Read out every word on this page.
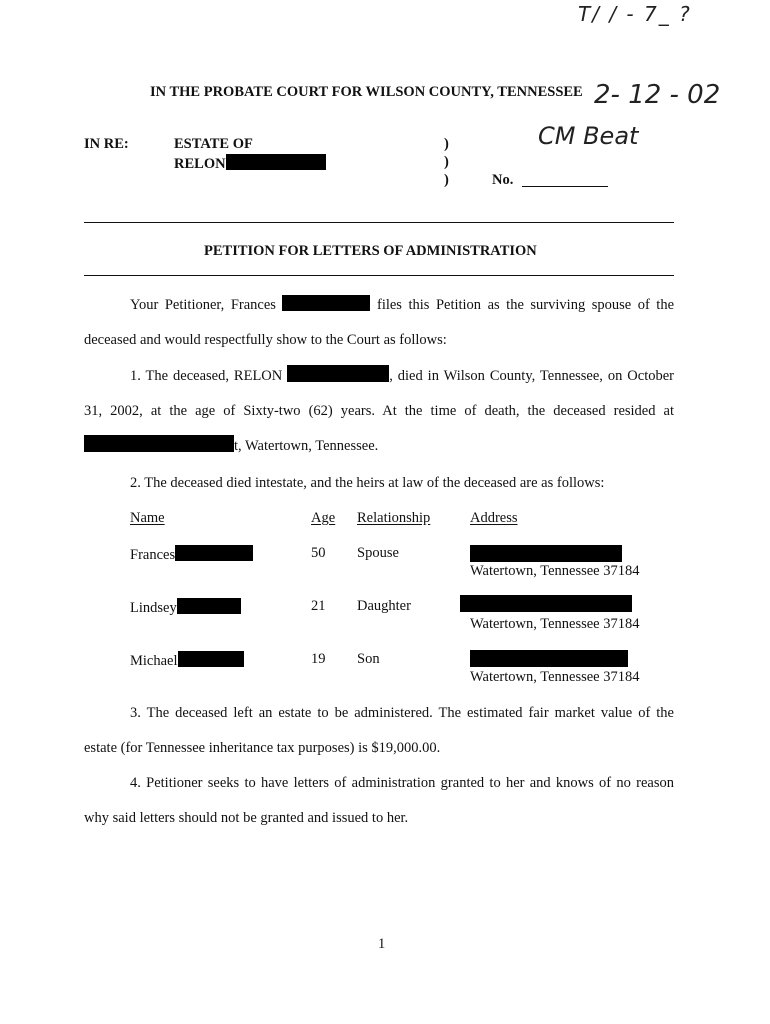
T/ / - 7_ ?
2- 12 - 02
CM Beat
IN THE PROBATE COURT FOR WILSON COUNTY, TENNESSEE
IN RE:	ESTATE OF
RELON
)
)
)	No.
PETITION FOR LETTERS OF ADMINISTRATION
Your Petitioner, Frances	files this Petition as the surviving spouse of the deceased and would respectfully show to the Court as follows:
1. The deceased, RELON	, died in Wilson County, Tennessee, on October 31, 2002, at the age of Sixty-two (62) years. At the time of death, the deceased resided at t, Watertown, Tennessee.
2. The deceased died intestate, and the heirs at law of the deceased are as follows:
Name	Age Relationship	Address
Frances	50 Spouse
Watertown, Tennessee 37184
Lindsey	21 Daughter
Watertown, Tennessee 37184
Michael	19 Son
Watertown, Tennessee 37184
3. The deceased left an estate to be administered. The estimated fair market value of the estate (for Tennessee inheritance tax purposes) is $19,000.00.
4. Petitioner seeks to have letters of administration granted to her and knows of no reason why said letters should not be granted and issued to her.
1
